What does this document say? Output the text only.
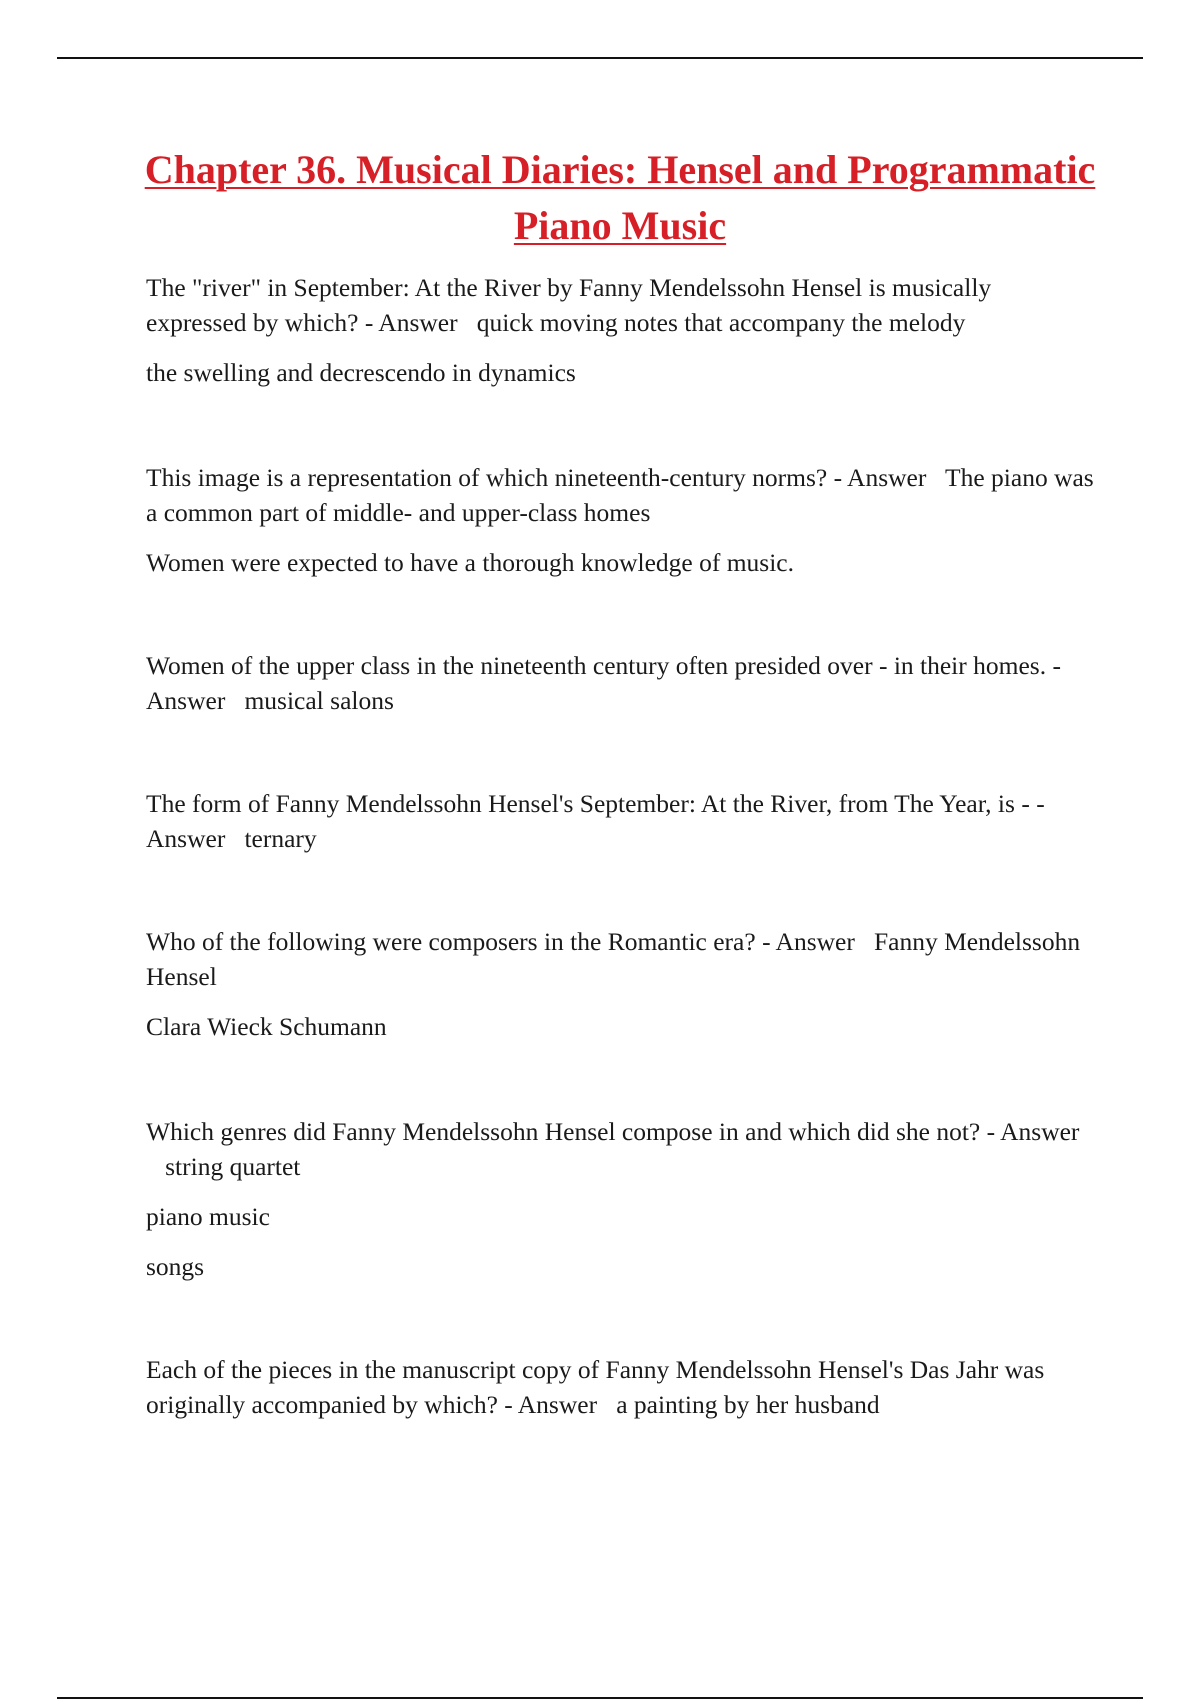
Chapter 36. Musical Diaries: Hensel and Programmatic Piano Music

The "river" in September: At the River by Fanny Mendelssohn Hensel is musically expressed by which? - Answer quick moving notes that accompany the melody

the swelling and decrescendo in dynamics

This image is a representation of which nineteenth-century norms? - Answer The piano was a common part of middle- and upper-class homes

Women were expected to have a thorough knowledge of music.

Women of the upper class in the nineteenth century often presided over - in their homes. - Answer musical salons

The form of Fanny Mendelssohn Hensel's September: At the River, from The Year, is - - Answer ternary

Who of the following were composers in the Romantic era? - Answer Fanny Mendelssohn Hensel

Clara Wieck Schumann

Which genres did Fanny Mendelssohn Hensel compose in and which did she not? - Answer   string quartet

piano music

songs

Each of the pieces in the manuscript copy of Fanny Mendelssohn Hensel's Das Jahr was originally accompanied by which? - Answer a painting by her husband
